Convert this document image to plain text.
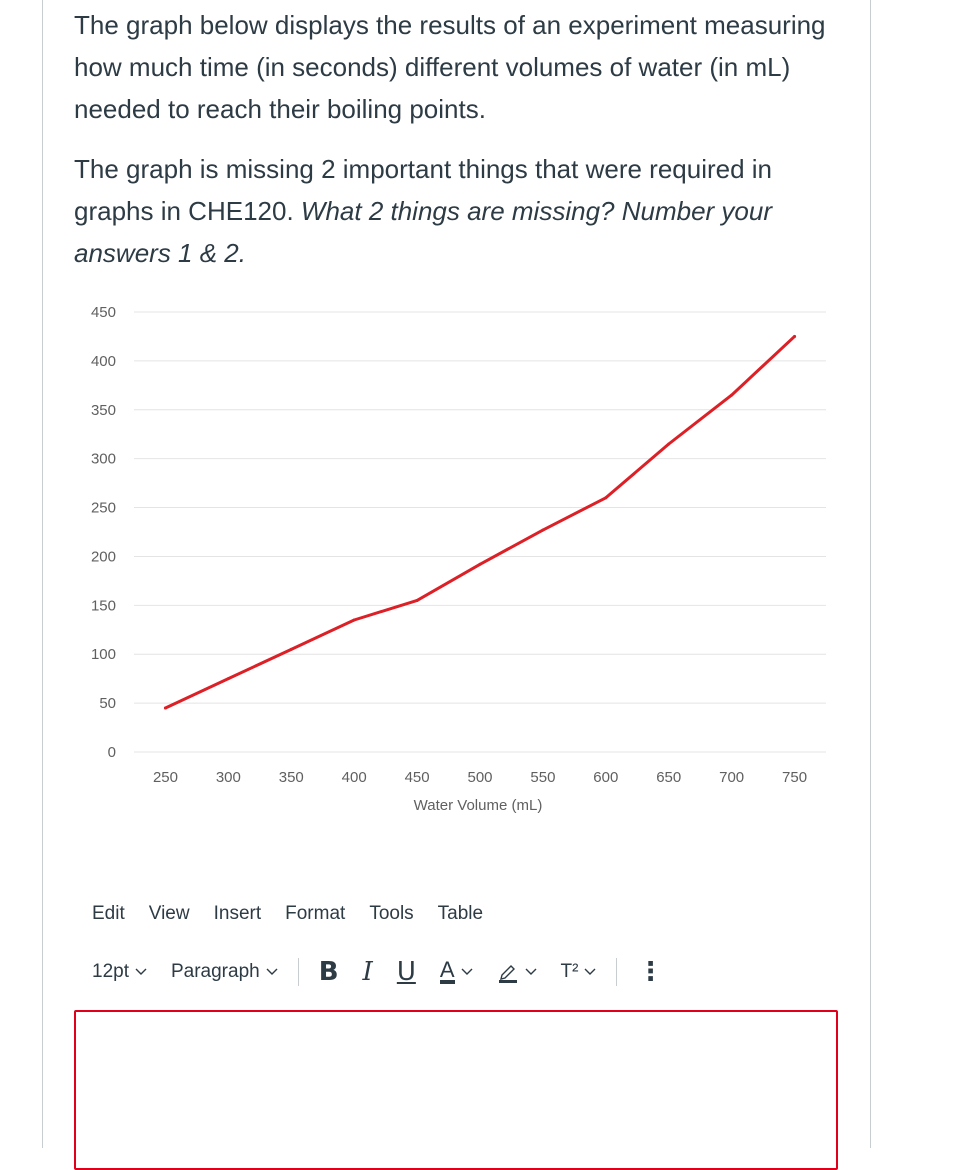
The graph below displays the results of an experiment measuring how much time (in seconds) different volumes of water (in mL) needed to reach their boiling points.

The graph is missing 2 important things that were required in graphs in CHE120. What 2 things are missing? Number your answers 1 & 2.

0
50
100
150
200
250
300
350
400
450
250	300	350	400	450	500	550	600	650	700	750
Water Volume (mL)
Edit	View	Insert	Format	Tools	Table
12pt Paragraph	B I U	A	T²	⋮
